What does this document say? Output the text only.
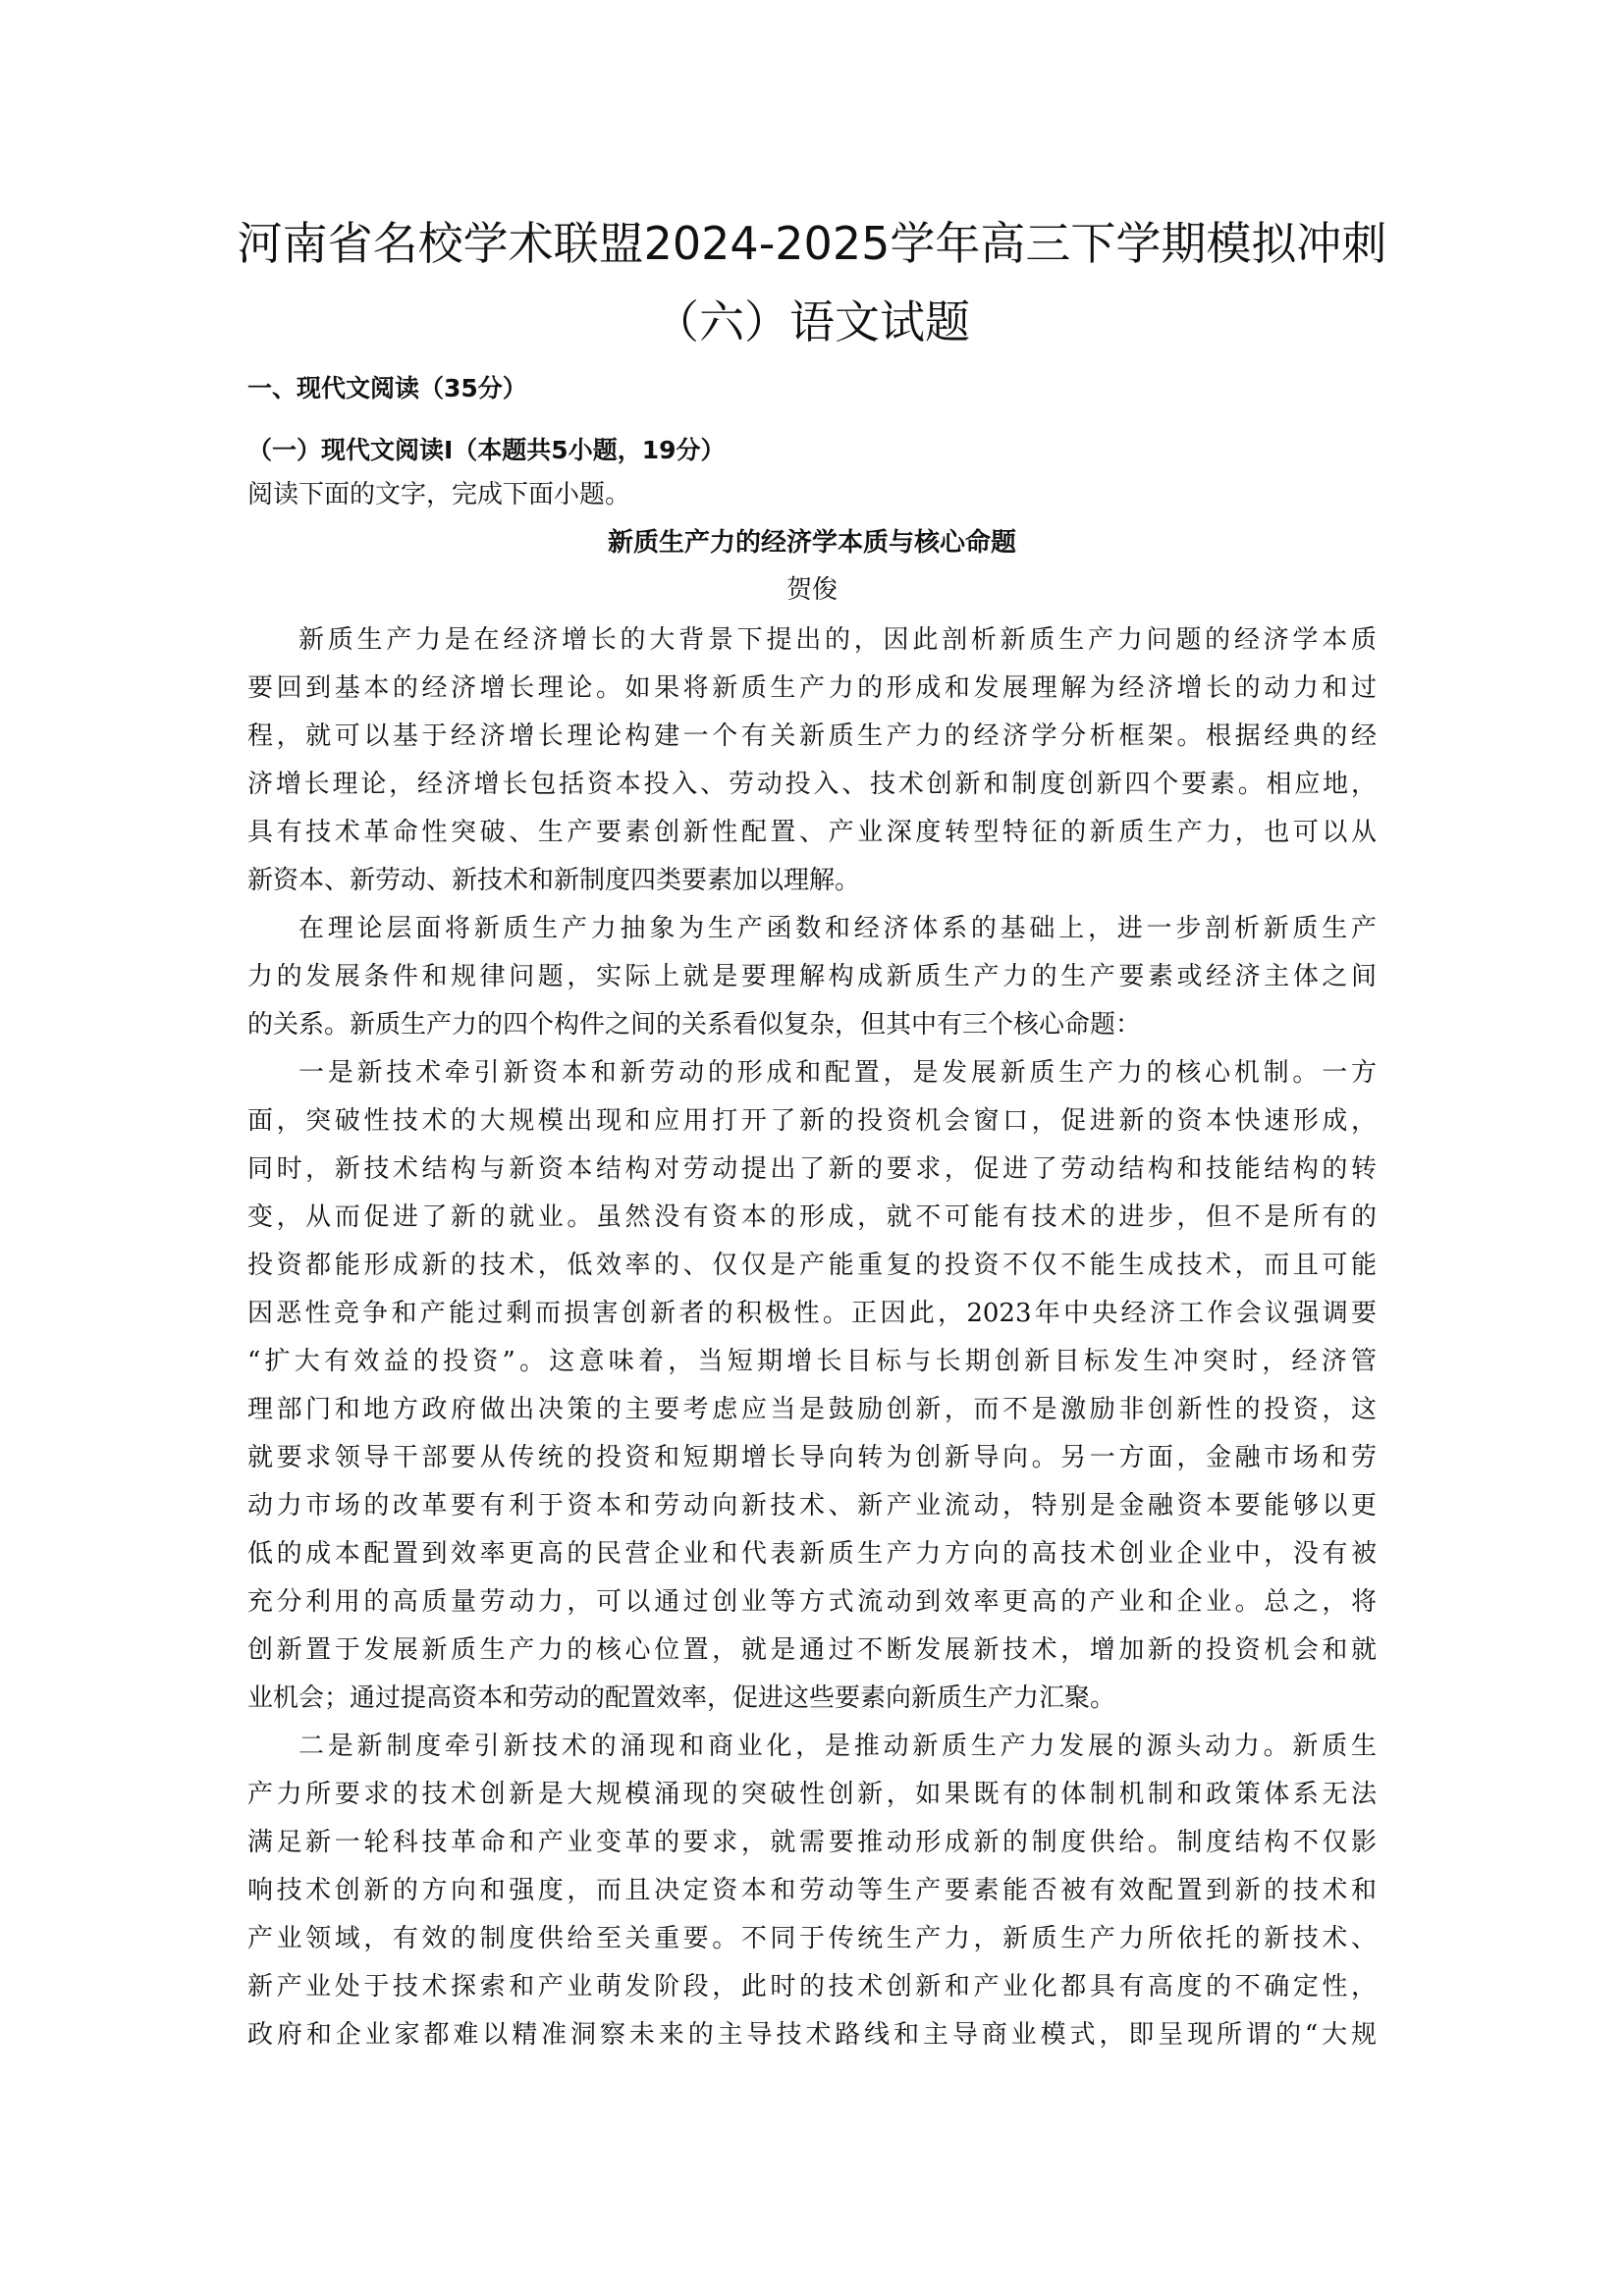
河南省名校学术联盟2024-2025学年高三下学期模拟冲刺
（六）语文试题
一、现代文阅读（35分）
（一）现代文阅读I（本题共5小题，19分）

阅读下面的文字，完成下面小题。

新质生产力的经济学本质与核心命题

贺俊

新质生产力是在经济增长的大背景下提出的，因此剖析新质生产力问题的经济学本质
要回到基本的经济增长理论。如果将新质生产力的形成和发展理解为经济增长的动力和过
程，就可以基于经济增长理论构建一个有关新质生产力的经济学分析框架。根据经典的经
济增长理论，经济增长包括资本投入、劳动投入、技术创新和制度创新四个要素。相应地，
具有技术革命性突破、生产要素创新性配置、产业深度转型特征的新质生产力，也可以从
新资本、新劳动、新技术和新制度四类要素加以理解。

在理论层面将新质生产力抽象为生产函数和经济体系的基础上，进一步剖析新质生产
力的发展条件和规律问题，实际上就是要理解构成新质生产力的生产要素或经济主体之间
的关系。新质生产力的四个构件之间的关系看似复杂，但其中有三个核心命题：

一是新技术牵引新资本和新劳动的形成和配置，是发展新质生产力的核心机制。一方
面，突破性技术的大规模出现和应用打开了新的投资机会窗口，促进新的资本快速形成，
同时，新技术结构与新资本结构对劳动提出了新的要求，促进了劳动结构和技能结构的转
变，从而促进了新的就业。虽然没有资本的形成，就不可能有技术的进步，但不是所有的
投资都能形成新的技术，低效率的、仅仅是产能重复的投资不仅不能生成技术，而且可能
因恶性竞争和产能过剩而损害创新者的积极性。正因此，2023年中央经济工作会议强调要
“扩大有效益的投资”。这意味着，当短期增长目标与长期创新目标发生冲突时，经济管
理部门和地方政府做出决策的主要考虑应当是鼓励创新，而不是激励非创新性的投资，这
就要求领导干部要从传统的投资和短期增长导向转为创新导向。另一方面，金融市场和劳
动力市场的改革要有利于资本和劳动向新技术、新产业流动，特别是金融资本要能够以更
低的成本配置到效率更高的民营企业和代表新质生产力方向的高技术创业企业中，没有被
充分利用的高质量劳动力，可以通过创业等方式流动到效率更高的产业和企业。总之，将
创新置于发展新质生产力的核心位置，就是通过不断发展新技术，增加新的投资机会和就
业机会；通过提高资本和劳动的配置效率，促进这些要素向新质生产力汇聚。

二是新制度牵引新技术的涌现和商业化，是推动新质生产力发展的源头动力。新质生
产力所要求的技术创新是大规模涌现的突破性创新，如果既有的体制机制和政策体系无法
满足新一轮科技革命和产业变革的要求，就需要推动形成新的制度供给。制度结构不仅影
响技术创新的方向和强度，而且决定资本和劳动等生产要素能否被有效配置到新的技术和
产业领域，有效的制度供给至关重要。不同于传统生产力，新质生产力所依托的新技术、
新产业处于技术探索和产业萌发阶段，此时的技术创新和产业化都具有高度的不确定性，
政府和企业家都难以精准洞察未来的主导技术路线和主导商业模式，即呈现所谓的“大规
